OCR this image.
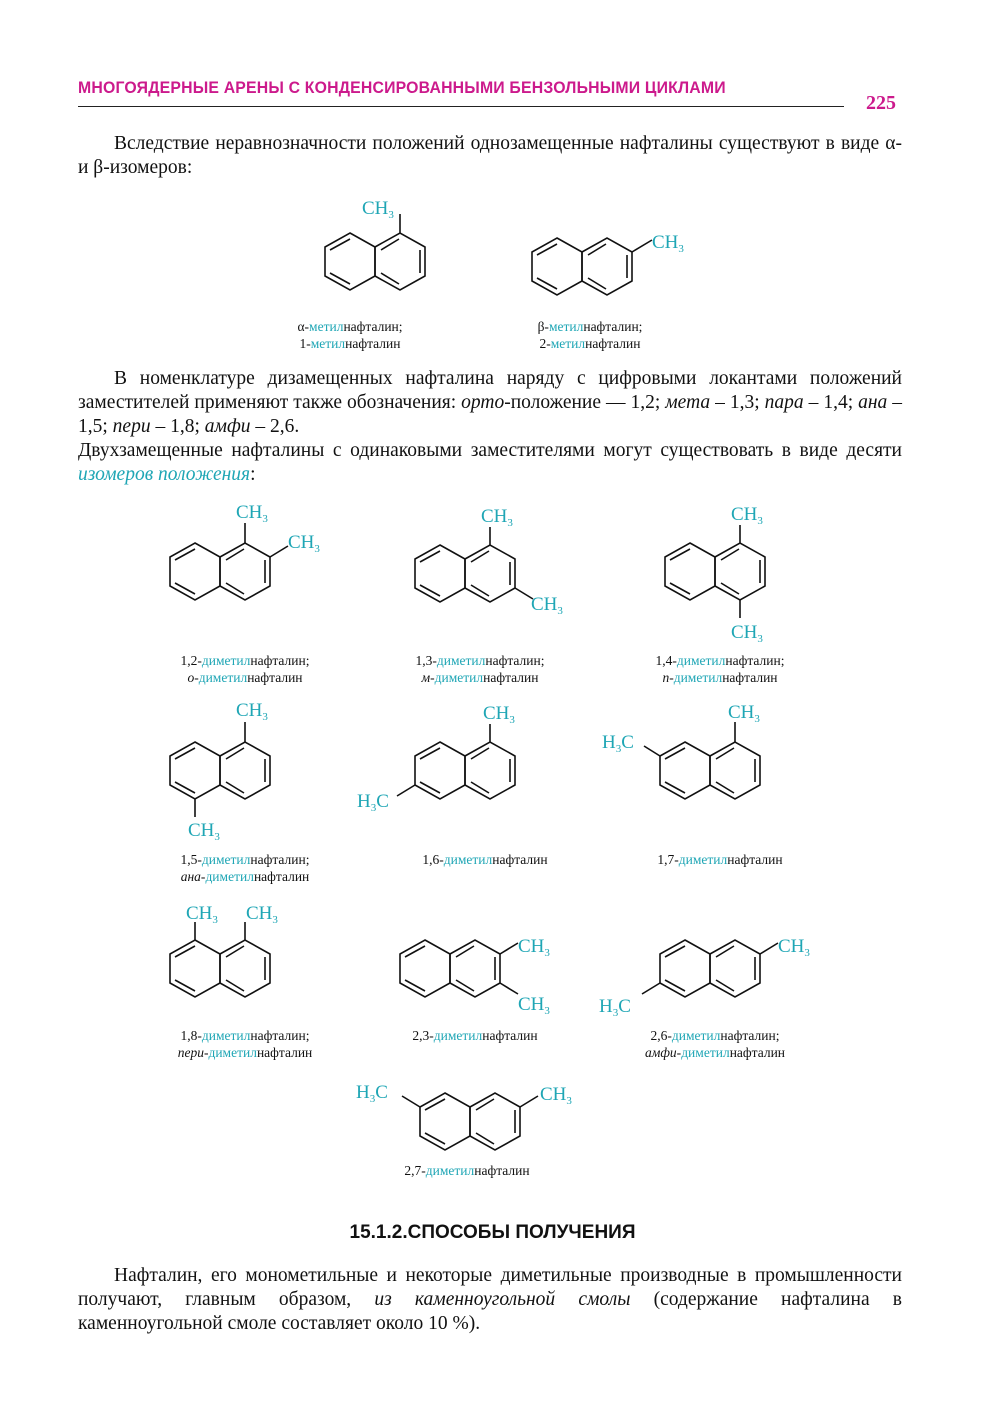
МНОГОЯДЕРНЫЕ АРЕНЫ С КОНДЕНСИРОВАННЫМИ БЕНЗОЛЬНЫМИ ЦИКЛАМИ
225

Вследствие неравнозначности положений однозамещенные нафталины существуют в виде α- и β-изомеров:

$CH_3$
$CH_3$
α-метилнафталин;
1-метилнафталин
β-метилнафталин;
2-метилнафталин

В номенклатуре дизамещенных нафталина наряду с цифровыми локантами положений заместителей применяют также обозначения: орто-положение — 1,2; мета – 1,3; пара – 1,4; ана – 1,5; пери – 1,8; амфи – 2,6.

Двухзамещенные нафталины с одинаковыми заместителями могут существовать в виде десяти изомеров положения:

$CH_3$
$CH_3$
$CH_3$
$CH_3$
$CH_3$
$CH_3$
1,2-диметилнафталин;
о-диметилнафталин
1,3-диметилнафталин;
м-диметилнафталин
1,4-диметилнафталин;
п-диметилнафталин
$CH_3$
$CH_3$
$CH_3$
$H_3C$
$CH_3$
$H_3C$
1,5-диметилнафталин;
ана-диметилнафталин
1,6-диметилнафталин	1,7-диметилнафталин
$CH_3$ $CH_3$
$CH_3$
$CH_3$
$CH_3$
$H_3C$
1,8-диметилнафталин;
пери-диметилнафталин
2,3-диметилнафталин	2,6-диметилнафталин;
амфи-диметилнафталин
$H_3C$	$CH_3$
2,7-диметилнафталин
15.1.2.СПОСОБЫ ПОЛУЧЕНИЯ

Нафталин, его монометильные и некоторые диметильные производные в промышленности получают, главным образом, из каменноугольной смолы (содержание нафталина в каменноугольной смоле составляет около 10 %).
